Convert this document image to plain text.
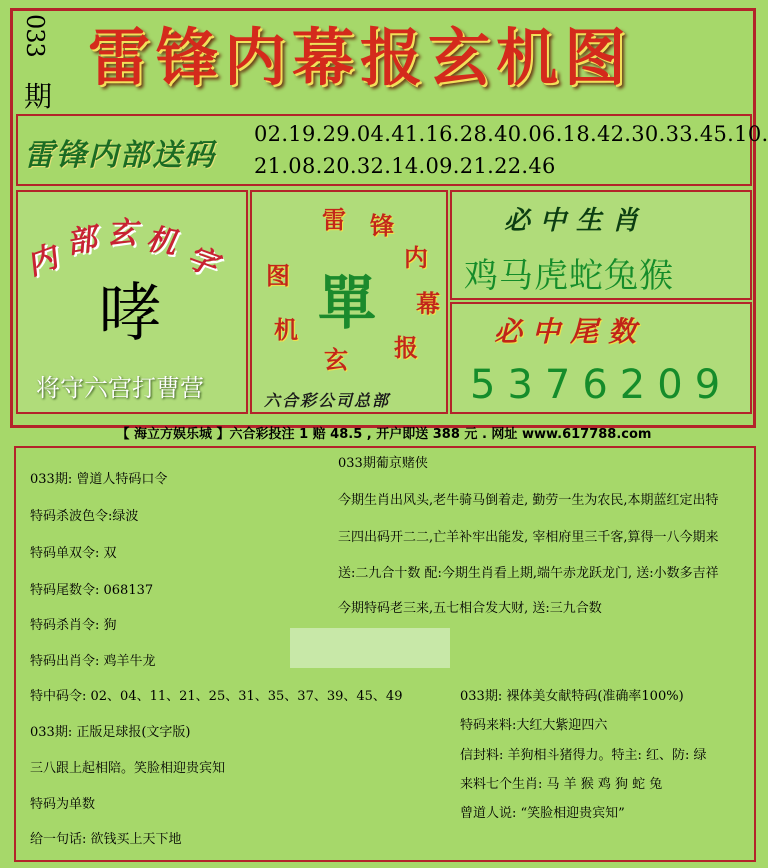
033
期
雷锋内幕报玄机图
雷锋内部送码
02.19.29.04.41.16.28.40.06.18.42.30.33.45.10.
21.08.20.32.14.09.21.22.46
内 部 玄 机 字
哮
将守六宫打曹营
雷 锋
内
幕
报
玄
机
图 單
六合彩公司总部
必中生肖
鸡马虎蛇兔猴
必中尾数
5376209
【 海立方娱乐城 】六合彩投注 1 赔 48.5 , 开户即送 388 元 . 网址 www.617788.com
033期: 曾道人特码口令
特码杀波色令:绿波
特码单双令: 双
特码尾数令: 068137
特码杀肖令: 狗
特码出肖令: 鸡羊牛龙
特中码令: 02、04、11、21、25、31、35、37、39、45、49
033期: 正版足球报(文字版)
三八跟上起相陪。笑脸相迎贵宾知
特码为单数
给一句话: 欲钱买上天下地
033期葡京赌侠
今期生肖出风头,老牛骑马倒着走, 勤劳一生为农民,本期蓝红定出特
三四出码开二二,亡羊补牢出能发, 宰相府里三千客,算得一八今期来
送:二九合十数 配:今期生肖看上期,端午赤龙跃龙门, 送:小数多吉祥
今期特码老三来,五七相合发大财, 送:三九合数
033期: 裸体美女献特码(准确率100%)
特码来料:大红大紫迎四六
信封料: 羊狗相斗猪得力。特主: 红、防: 绿
来料七个生肖: 马 羊 猴 鸡 狗 蛇 兔
曾道人说: “笑脸相迎贵宾知”
